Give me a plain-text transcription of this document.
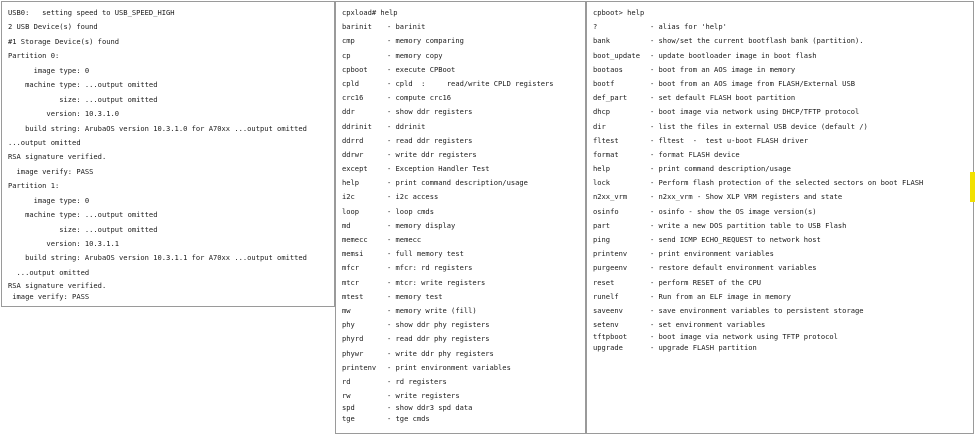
USB0:   setting speed to USB_SPEED_HIGH
2 USB Device(s) found
#1 Storage Device(s) found
Partition 0:
image type: 0
machine type: ...output omitted
size: ...output omitted
version: 10.3.1.0
build string: ArubaOS version 10.3.1.0 for A70xx ...output omitted
...output omitted
RSA signature verified.
image verify: PASS
Partition 1:
image type: 0
machine type: ...output omitted
size: ...output omitted
version: 10.3.1.1
build string: ArubaOS version 10.3.1.1 for A70xx ...output omitted
...output omitted
RSA signature verified.
image verify: PASS
cpxload# help
barinit	- barinit
cmp	- memory comparing
cp	- memory copy
cpboot	- execute CPBoot
cpld	- cpld  :     read/write CPLD registers
crc16	- compute crc16
ddr	- show ddr registers
ddrinit	- ddrinit
ddrrd	- read ddr registers
ddrwr	- write ddr registers
except	- Exception Handler Test
help	- print command description/usage
i2c	- i2c access
loop	- loop cmds
md	- memory display
memecc	- memecc
memsi	- full memory test
mfcr	- mfcr: rd registers
mtcr	- mtcr: write registers
mtest	- memory test
mw	- memory write (fill)
phy	- show ddr phy registers
phyrd	- read ddr phy registers
phywr	- write ddr phy registers
printenv	- print environment variables
rd	- rd registers
rw	- write registers
spd	- show ddr3 spd data
tge	- tge cmds
cpboot> help
?	- alias for 'help'
bank	- show/set the current bootflash bank (partition).
boot_update	- update bootloader image in boot flash
bootaos	- boot from an AOS image in memory
bootf	- boot from an AOS image from FLASH/External USB
def_part	- set default FLASH boot partition
dhcp	- boot image via network using DHCP/TFTP protocol
dir	- list the files in external USB device (default /)
fltest	- fltest  -  test u-boot FLASH driver
format	- format FLASH device
help	- print command description/usage
lock	- Perform flash protection of the selected sectors on boot FLASH
n2xx_vrm	- n2xx_vrm - Show XLP VRM registers and state
osinfo	- osinfo - show the OS image version(s)
part	- write a new DOS partition table to USB Flash
ping	- send ICMP ECHO_REQUEST to network host
printenv	- print environment variables
purgeenv	- restore default environment variables
reset	- perform RESET of the CPU
runelf	- Run from an ELF image in memory
saveenv	- save environment variables to persistent storage
setenv	- set environment variables
tftpboot	- boot image via network using TFTP protocol
upgrade	- upgrade FLASH partition
